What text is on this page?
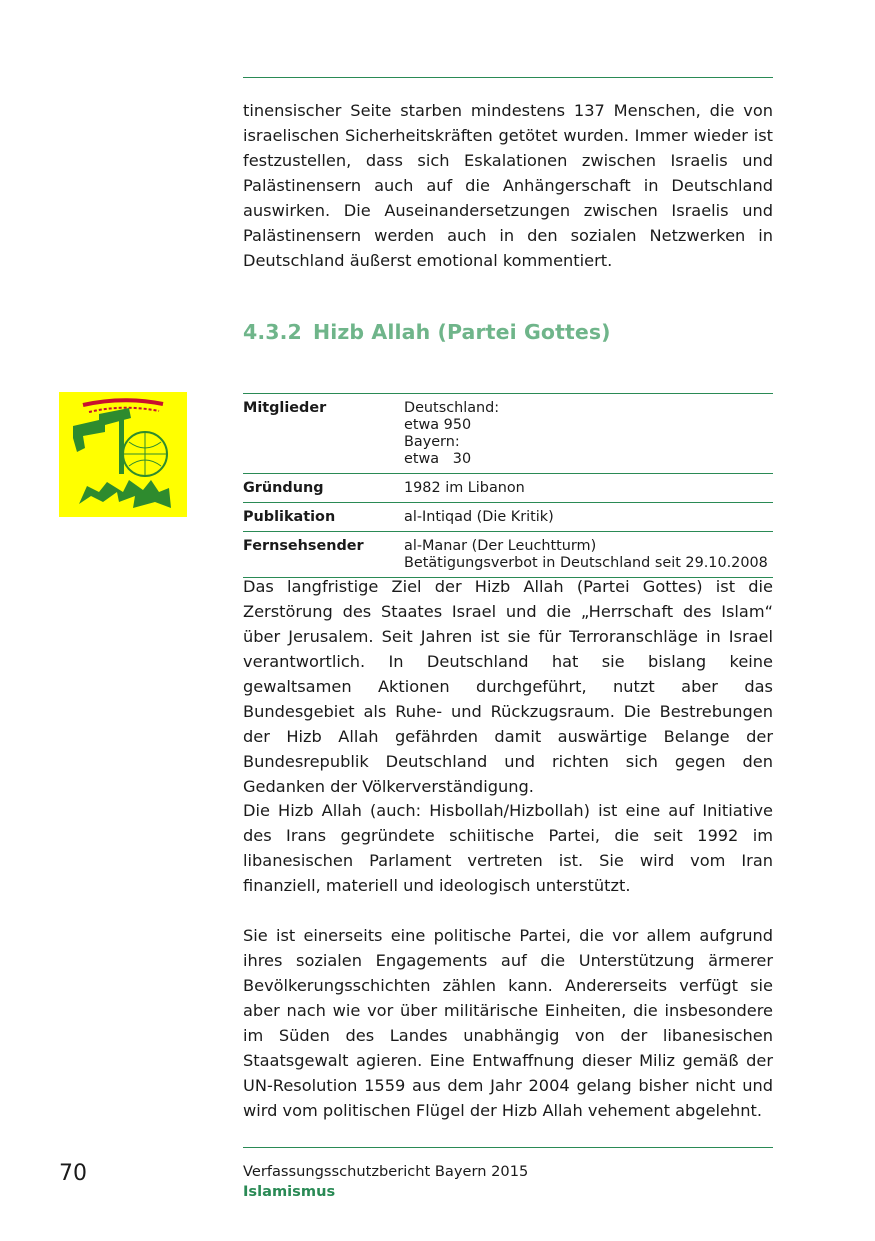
tinensischer Seite starben mindestens 137 Menschen, die von israelischen Sicherheitskräften getötet wurden. Immer wieder ist festzustellen, dass sich Eskalationen zwischen Israelis und Palästinensern auch auf die Anhängerschaft in Deutschland auswirken. Die Auseinandersetzungen zwischen Israelis und Palästinensern werden auch in den sozialen Netzwerken in Deutschland äußerst emotional kommentiert.

4.3.2 Hizb Allah (Partei Gottes)
Mitglieder	Deutschland:
etwa 950
Bayern:
etwa   30
Gründung	1982 im Libanon
Publikation	al-Intiqad (Die Kritik)
Fernsehsender	al-Manar (Der Leuchtturm)
Betätigungsverbot in Deutschland seit 29.10.2008

Das langfristige Ziel der Hizb Allah (Partei Gottes) ist die Zerstörung des Staates Israel und die „Herrschaft des Islam“ über Jerusalem. Seit Jahren ist sie für Terroranschläge in Israel verantwortlich. In Deutschland hat sie bislang keine gewaltsamen Aktionen durchgeführt, nutzt aber das Bundesgebiet als Ruhe- und Rückzugsraum. Die Bestrebungen der Hizb Allah gefährden damit auswärtige Belange der Bundesrepublik Deutschland und richten sich gegen den Gedanken der Völkerverständigung.

Die Hizb Allah (auch: Hisbollah/Hizbollah) ist eine auf Initiative des Irans gegründete schiitische Partei, die seit 1992 im libanesischen Parlament vertreten ist. Sie wird vom Iran finanziell, materiell und ideologisch unterstützt.

Sie ist einerseits eine politische Partei, die vor allem aufgrund ihres sozialen Engagements auf die Unterstützung ärmerer Bevölkerungsschichten zählen kann. Andererseits verfügt sie aber nach wie vor über militärische Einheiten, die insbesondere im Süden des Landes unabhängig von der libanesischen Staatsgewalt agieren. Eine Entwaffnung dieser Miliz gemäß der UN-Resolution 1559 aus dem Jahr 2004 gelang bisher nicht und wird vom politischen Flügel der Hizb Allah vehement abgelehnt.

70	Verfassungsschutzbericht Bayern 2015
Islamismus
